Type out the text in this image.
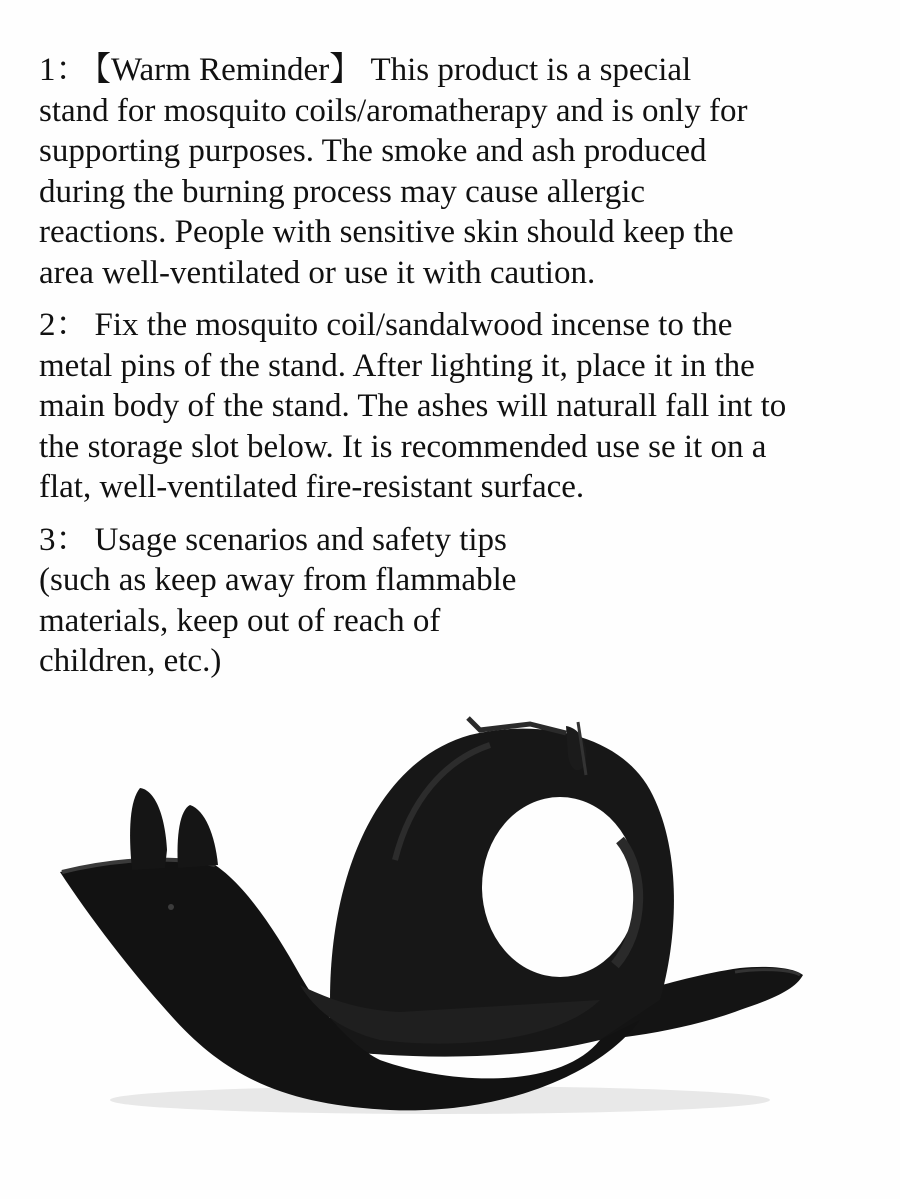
1： 【Warm Reminder】 This product is a special
stand for mosquito coils/aromatherapy and is only for
supporting purposes. The smoke and ash produced
during the burning process may cause allergic
reactions. People with sensitive skin should keep the
area well-ventilated or use it with caution.

2： Fix the mosquito coil/sandalwood incense to the
metal pins of the stand. After lighting it, place it in the
main body of the stand. The ashes will naturall fall int to
the storage slot below. It is recommended use se it on a
flat, well-ventilated fire-resistant surface.

3： Usage scenarios and safety tips
(such as keep away from flammable
materials, keep out of reach of
children, etc.)
